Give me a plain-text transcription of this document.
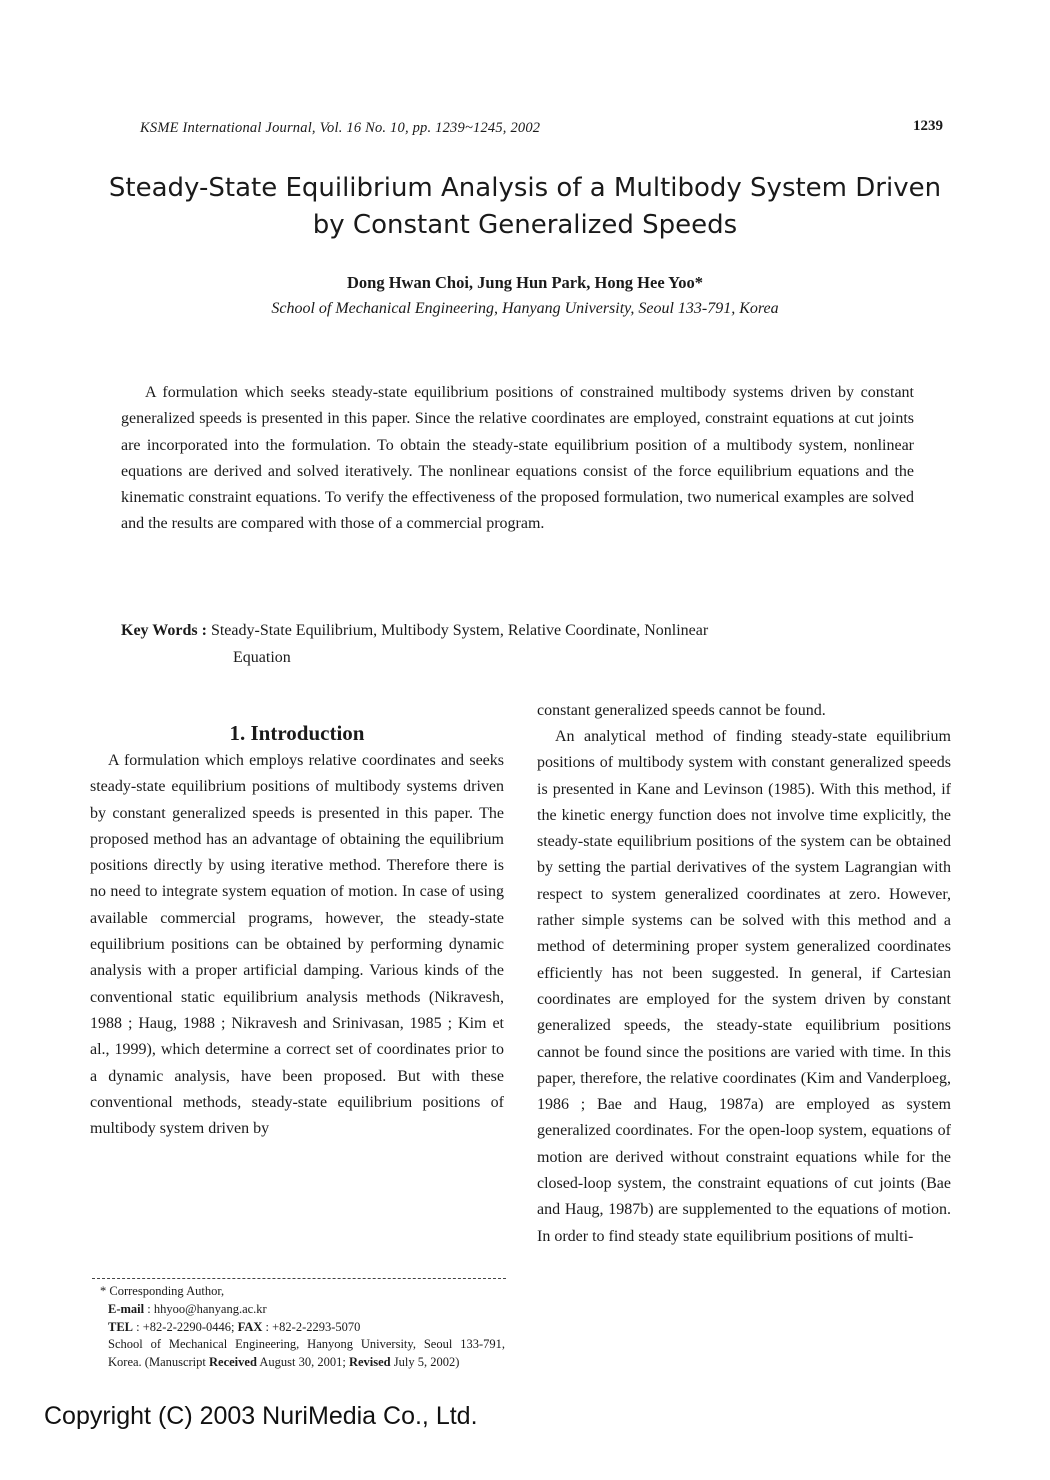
KSME International Journal, Vol. 16 No. 10, pp. 1239~1245, 2002	1239
Steady-State Equilibrium Analysis of a Multibody System Driven
by Constant Generalized Speeds
Dong Hwan Choi, Jung Hun Park, Hong Hee Yoo*
School of Mechanical Engineering, Hanyang University, Seoul 133-791, Korea

A formulation which seeks steady-state equilibrium positions of constrained multibody systems driven by constant generalized speeds is presented in this paper. Since the relative coordinates are employed, constraint equations at cut joints are incorporated into the formulation. To obtain the steady-state equilibrium position of a multibody system, nonlinear equations are derived and solved iteratively. The nonlinear equations consist of the force equilibrium equations and the kinematic constraint equations. To verify the effectiveness of the proposed formulation, two numerical examples are solved and the results are compared with those of a commercial program.

Key Words :
Steady-State Equilibrium, Multibody System, Relative Coordinate, Nonlinear
Equation
1. Introduction

A formulation which employs relative coordinates and seeks steady-state equilibrium positions of multibody systems driven by constant generalized speeds is presented in this paper. The proposed method has an advantage of obtaining the equilibrium positions directly by using iterative method. Therefore there is no need to integrate system equation of motion. In case of using available commercial programs, however, the steady-state equilibrium positions can be obtained by performing dynamic analysis with a proper artificial damping. Various kinds of the conventional static equilibrium analysis methods (Nikravesh, 1988 ; Haug, 1988 ; Nikravesh and Srinivasan, 1985 ; Kim et al., 1999), which determine a correct set of coordinates prior to a dynamic analysis, have been proposed. But with these conventional methods, steady-state equilibrium positions of multibody system driven by

constant generalized speeds cannot be found.

An analytical method of finding steady-state equilibrium positions of multibody system with constant generalized speeds is presented in Kane and Levinson (1985). With this method, if the kinetic energy function does not involve time explicitly, the steady-state equilibrium positions of the system can be obtained by setting the partial derivatives of the system Lagrangian with respect to system generalized coordinates at zero. However, rather simple systems can be solved with this method and a method of determining proper system generalized coordinates efficiently has not been suggested. In general, if Cartesian coordinates are employed for the system driven by constant generalized speeds, the steady-state equilibrium positions cannot be found since the positions are varied with time. In this paper, therefore, the relative coordinates (Kim and Vanderploeg, 1986 ; Bae and Haug, 1987a) are employed as system generalized coordinates. For the open-loop system, equations of motion are derived without constraint equations while for the closed-loop system, the constraint equations of cut joints (Bae and Haug, 1987b) are supplemented to the equations of motion. In order to find steady state equilibrium positions of multi-

* Corresponding Author,

E-mail : hhyoo@hanyang.ac.kr

TEL : +82-2-2290-0446; FAX : +82-2-2293-5070

School of Mechanical Engineering, Hanyong University, Seoul 133-791, Korea. (Manuscript Received August 30, 2001; Revised July 5, 2002)

Copyright (C) 2003 NuriMedia Co., Ltd.
